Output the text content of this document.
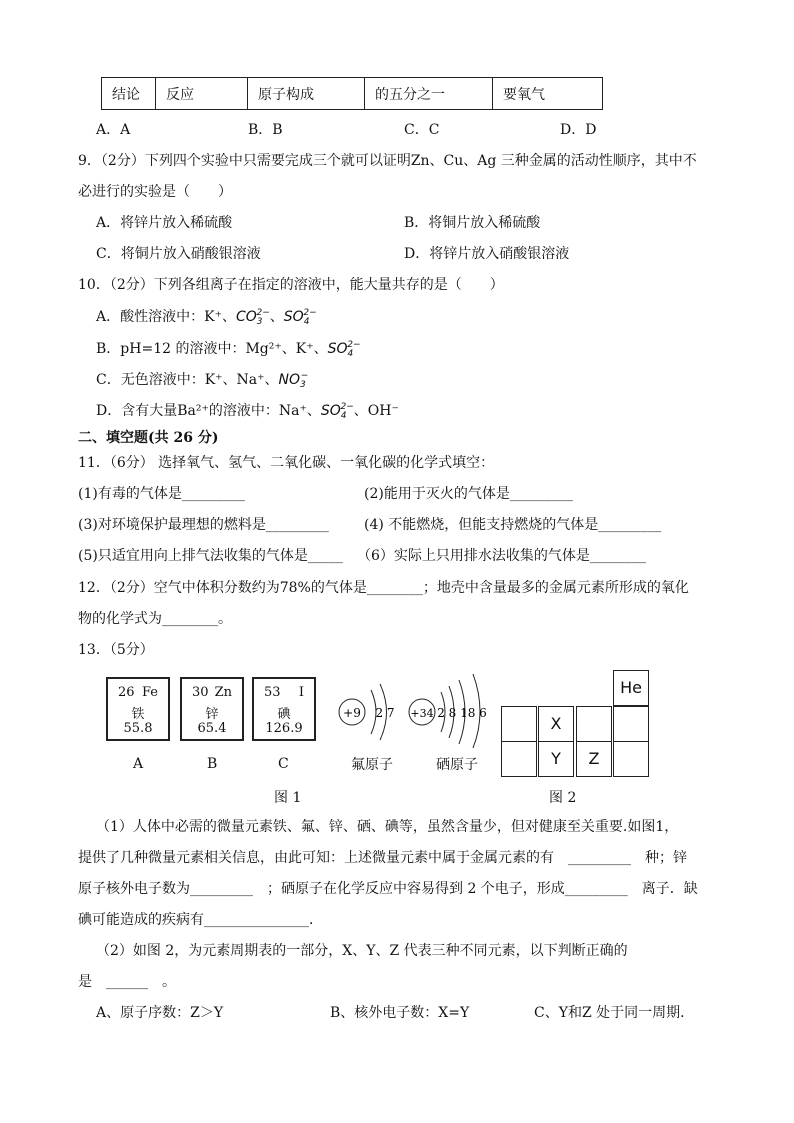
结论	反应	原子构成	的五分之一	要氧气
A．A	B．B	C．C	D．D
9．（2分）下列四个实验中只需要完成三个就可以证明Zn、Cu、Ag 三种金属的活动性顺序，其中不
必进行的实验是（　　）
A．将锌片放入稀硫酸	B．将铜片放入稀硫酸
C．将铜片放入硝酸银溶液	D．将锌片放入硝酸银溶液
10．（2分）下列各组离子在指定的溶液中，能大量共存的是（　　）
A．酸性溶液中：K⁺、$CO_3^{2-}$、$SO_4^{2-}$
B．pH=12 的溶液中：Mg²⁺、K⁺、$SO_4^{2-}$
C．无色溶液中：K⁺、Na⁺、$NO_3^-$
D．含有大量Ba²⁺的溶液中：Na⁺、$SO_4^{2-}$、OH⁻
二、填空题(共 26 分)
11．（6分） 选择氧气、氢气、二氧化碳、一氧化碳的化学式填空：
(1)有毒的气体是_________	(2)能用于灭火的气体是_________
(3)对环境保护最理想的燃料是_________	(4) 不能燃烧，但能支持燃烧的气体是_________
(5)只适宜用向上排气法收集的气体是_____ （6）实际上只用排水法收集的气体是________
12．（2分）空气中体积分数约为78%的气体是________；地壳中含量最多的金属元素所形成的氧化
物的化学式为________。
13．（5分）
26 Fe
铁
55.8
30 Zn
锌
65.4
53 I
碘
126.9
A	B	C
+9 2 7 +34 2 8 18 6
氟原子	硒原子
He
X
Y	Z
图 1	图 2
（1）人体中必需的微量元素铁、氟、锌、硒、碘等，虽然含量少，但对健康至关重要.如图1，
提供了几种微量元素相关信息，由此可知：上述微量元素中属于金属元素的有　_________　种；锌
原子核外电子数为_________　；硒原子在化学反应中容易得到 2 个电子，形成_________　离子．缺
碘可能造成的疾病有_______________．
（2）如图 2，为元素周期表的一部分，X、Y、Z 代表三种不同元素，以下判断正确的
是　______　。
A、原子序数：Z＞Y	B、核外电子数：X=Y	C、Y和Z 处于同一周期．
